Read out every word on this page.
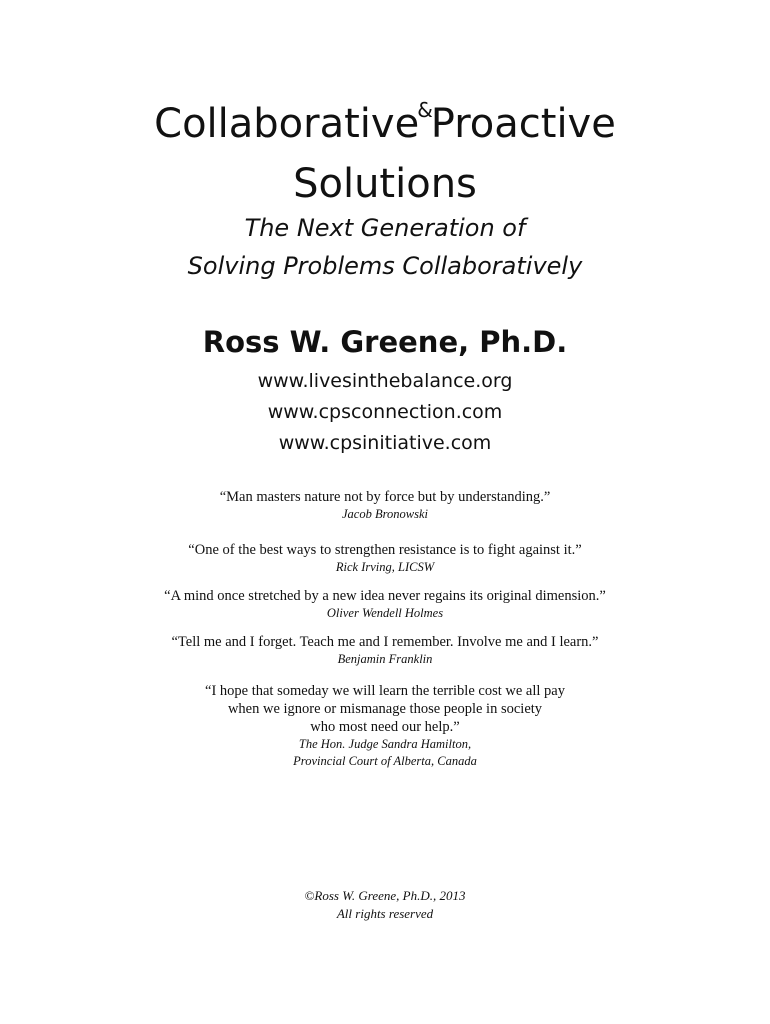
Collaborative&Proactive
Solutions
The Next Generation of
Solving Problems Collaboratively
Ross W. Greene, Ph.D.
www.livesinthebalance.org
www.cpsconnection.com
www.cpsinitiative.com
“Man masters nature not by force but by understanding.”
Jacob Bronowski
“One of the best ways to strengthen resistance is to fight against it.”
Rick Irving, LICSW
“A mind once stretched by a new idea never regains its original dimension.”
Oliver Wendell Holmes
“Tell me and I forget. Teach me and I remember. Involve me and I learn.”
Benjamin Franklin
“I hope that someday we will learn the terrible cost we all pay
when we ignore or mismanage those people in society
who most need our help.”
The Hon. Judge Sandra Hamilton,
Provincial Court of Alberta, Canada
©Ross W. Greene, Ph.D., 2013
All rights reserved
